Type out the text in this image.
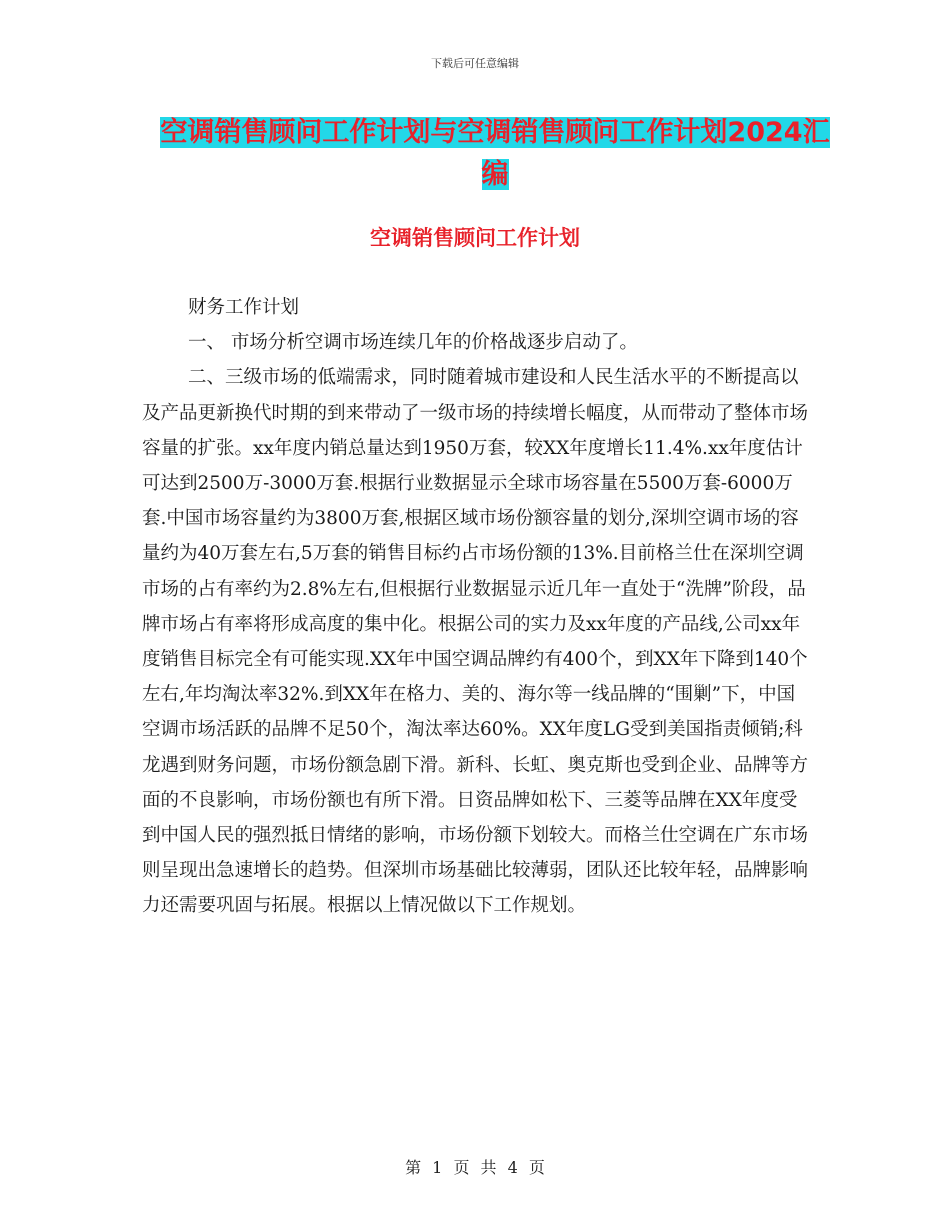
下载后可任意编辑
空调销售顾问工作计划与空调销售顾问工作计划2024汇编
空调销售顾问工作计划

财务工作计划

一、 市场分析空调市场连续几年的价格战逐步启动了。

二、三级市场的低端需求，同时随着城市建设和人民生活水平的不断提高以及产品更新换代时期的到来带动了一级市场的持续增长幅度，从而带动了整体市场容量的扩张。xx年度内销总量达到1950万套，较XX年度增长11.4%.xx年度估计可达到2500万-3000万套.根据行业数据显示全球市场容量在5500万套-6000万套.中国市场容量约为3800万套,根据区域市场份额容量的划分,深圳空调市场的容量约为40万套左右,5万套的销售目标约占市场份额的13%.目前格兰仕在深圳空调市场的占有率约为2.8%左右,但根据行业数据显示近几年一直处于“洗牌”阶段，品牌市场占有率将形成高度的集中化。根据公司的实力及xx年度的产品线,公司xx年度销售目标完全有可能实现.XX年中国空调品牌约有400个，到XX年下降到140个左右,年均淘汰率32%.到XX年在格力、美的、海尔等一线品牌的“围剿”下，中国空调市场活跃的品牌不足50个，淘汰率达60%。XX年度LG受到美国指责倾销;科龙遇到财务问题，市场份额急剧下滑。新科、长虹、奥克斯也受到企业、品牌等方面的不良影响，市场份额也有所下滑。日资品牌如松下、三菱等品牌在XX年度受到中国人民的强烈抵日情绪的影响，市场份额下划较大。而格兰仕空调在广东市场则呈现出急速增长的趋势。但深圳市场基础比较薄弱，团队还比较年轻，品牌影响力还需要巩固与拓展。根据以上情况做以下工作规划。

第 1 页 共 4 页
